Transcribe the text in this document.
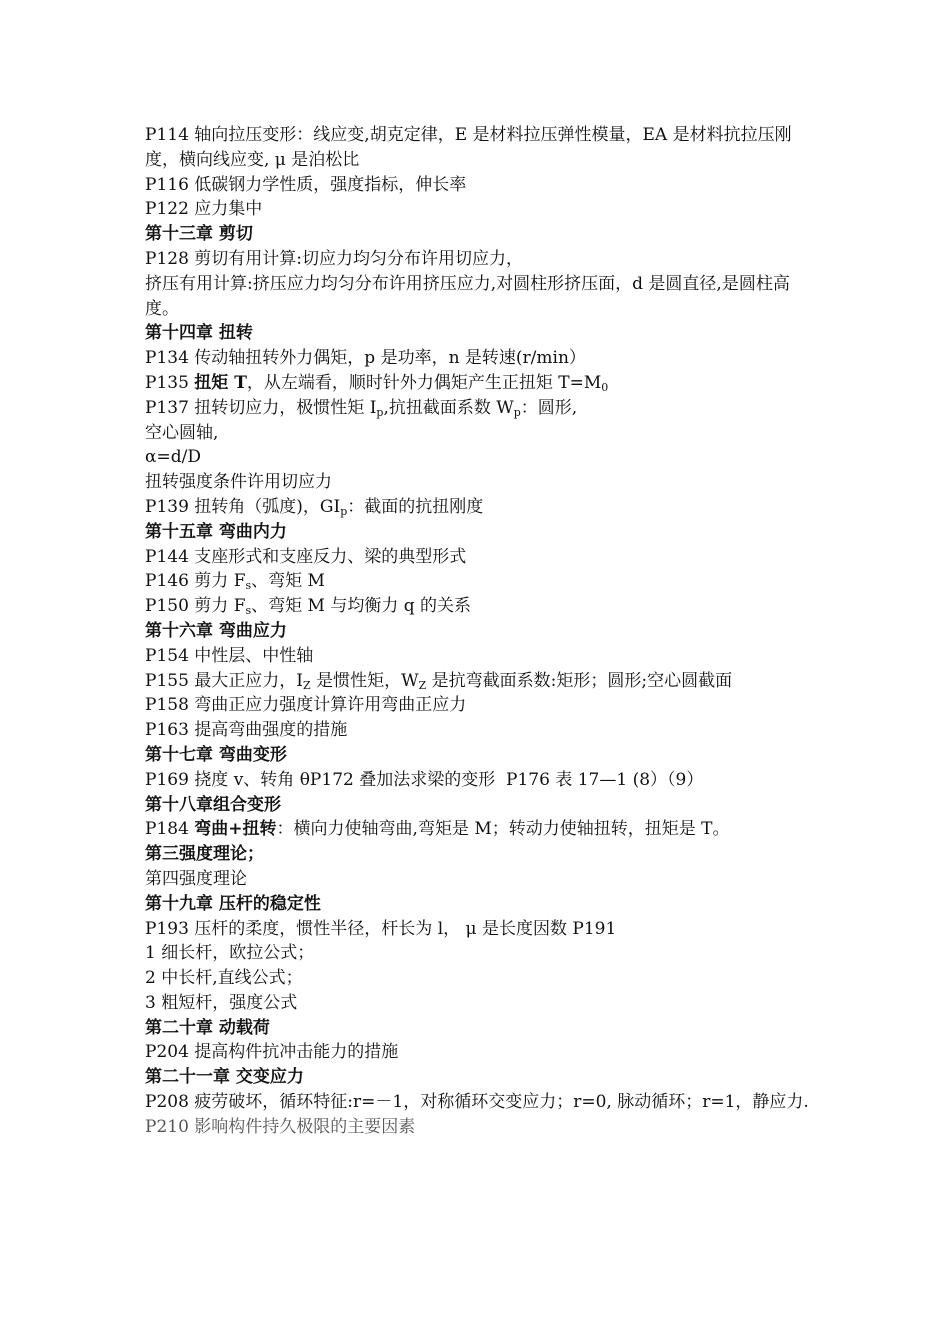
P114 轴向拉压变形：线应变,胡克定律，E 是材料拉压弹性模量，EA 是材料抗拉压刚度，横向线应变, μ 是泊松比
P116 低碳钢力学性质，强度指标，伸长率
P122 应力集中
第十三章 剪切
P128 剪切有用计算:切应力均匀分布许用切应力，
挤压有用计算:挤压应力均匀分布许用挤压应力,对圆柱形挤压面，d 是圆直径,是圆柱高度。
第十四章 扭转
P134 传动轴扭转外力偶矩，p 是功率，n 是转速(r/min）
P135 扭矩 T，从左端看，顺时针外力偶矩产生正扭矩 $T=M_0$
P137 扭转切应力，极惯性矩 $I_p$,抗扭截面系数 $W_p$：圆形,
空心圆轴,
α=d/D
扭转强度条件许用切应力
P139 扭转角（弧度)，$GI_p$：截面的抗扭刚度
第十五章 弯曲内力
P144 支座形式和支座反力、梁的典型形式
P146 剪力 $F_s$、弯矩 M
P150 剪力 $F_s$、弯矩 M 与均衡力 q 的关系
第十六章 弯曲应力
P154 中性层、中性轴
P155 最大正应力，$I_Z$ 是惯性矩，$W_Z$ 是抗弯截面系数:矩形；圆形;空心圆截面
P158 弯曲正应力强度计算许用弯曲正应力
P163 提高弯曲强度的措施
第十七章 弯曲变形
P169 挠度 v、转角 θP172 叠加法求梁的变形  P176 表 17—1 (8）（9）
第十八章组合变形
P184 弯曲+扭转：横向力使轴弯曲,弯矩是 M；转动力使轴扭转，扭矩是 T。
第三强度理论；
第四强度理论
第十九章 压杆的稳定性
P193 压杆的柔度，惯性半径，杆长为 l， μ 是长度因数 P191
1 细长杆，欧拉公式；
2 中长杆,直线公式；
3 粗短杆，强度公式
第二十章 动载荷
P204 提高构件抗冲击能力的措施
第二十一章 交变应力
P208 疲劳破坏，循环特征:r=－1，对称循环交变应力；r=0, 脉动循环；r=1，静应力.
P210 影响构件持久极限的主要因素
